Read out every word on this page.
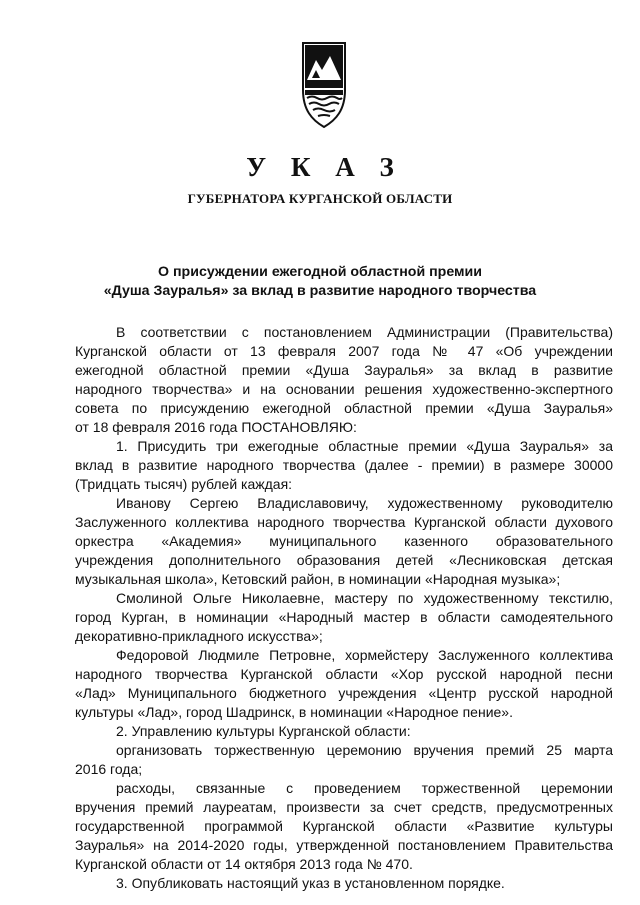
У К А З
ГУБЕРНАТОРА КУРГАНСКОЙ ОБЛАСТИ
О присуждении ежегодной областной премии
«Душа Зауралья» за вклад в развитие народного творчества
В соответствии с постановлением Администрации (Правительства)
Курганской области от 13 февраля 2007 года № 47 «Об учреждении
ежегодной областной премии «Душа Зауралья» за вклад в развитие
народного творчества» и на основании решения художественно-экспертного
совета по присуждению ежегодной областной премии «Душа Зауралья»
от 18 февраля 2016 года ПОСТАНОВЛЯЮ:
1. Присудить три ежегодные областные премии «Душа Зауралья» за
вклад в развитие народного творчества (далее - премии) в размере 30000
(Тридцать тысяч) рублей каждая:
Иванову Сергею Владиславовичу, художественному руководителю
Заслуженного коллектива народного творчества Курганской области духового
оркестра «Академия» муниципального казенного образовательного
учреждения дополнительного образования детей «Лесниковская детская
музыкальная школа», Кетовский район, в номинации «Народная музыка»;
Смолиной Ольге Николаевне, мастеру по художественному текстилю,
город Курган, в номинации «Народный мастер в области самодеятельного
декоративно-прикладного искусства»;
Федоровой Людмиле Петровне, хормейстеру Заслуженного коллектива
народного творчества Курганской области «Хор русской народной песни
«Лад» Муниципального бюджетного учреждения «Центр русской народной
культуры «Лад», город Шадринск, в номинации «Народное пение».
2. Управлению культуры Курганской области:
организовать торжественную церемонию вручения премий 25 марта
2016 года;
расходы, связанные с проведением торжественной церемонии
вручения премий лауреатам, произвести за счет средств, предусмотренных
государственной программой Курганской области «Развитие культуры
Зауралья» на 2014-2020 годы, утвержденной постановлением Правительства
Курганской области от 14 октября 2013 года № 470.
3. Опубликовать настоящий указ в установленном порядке.
